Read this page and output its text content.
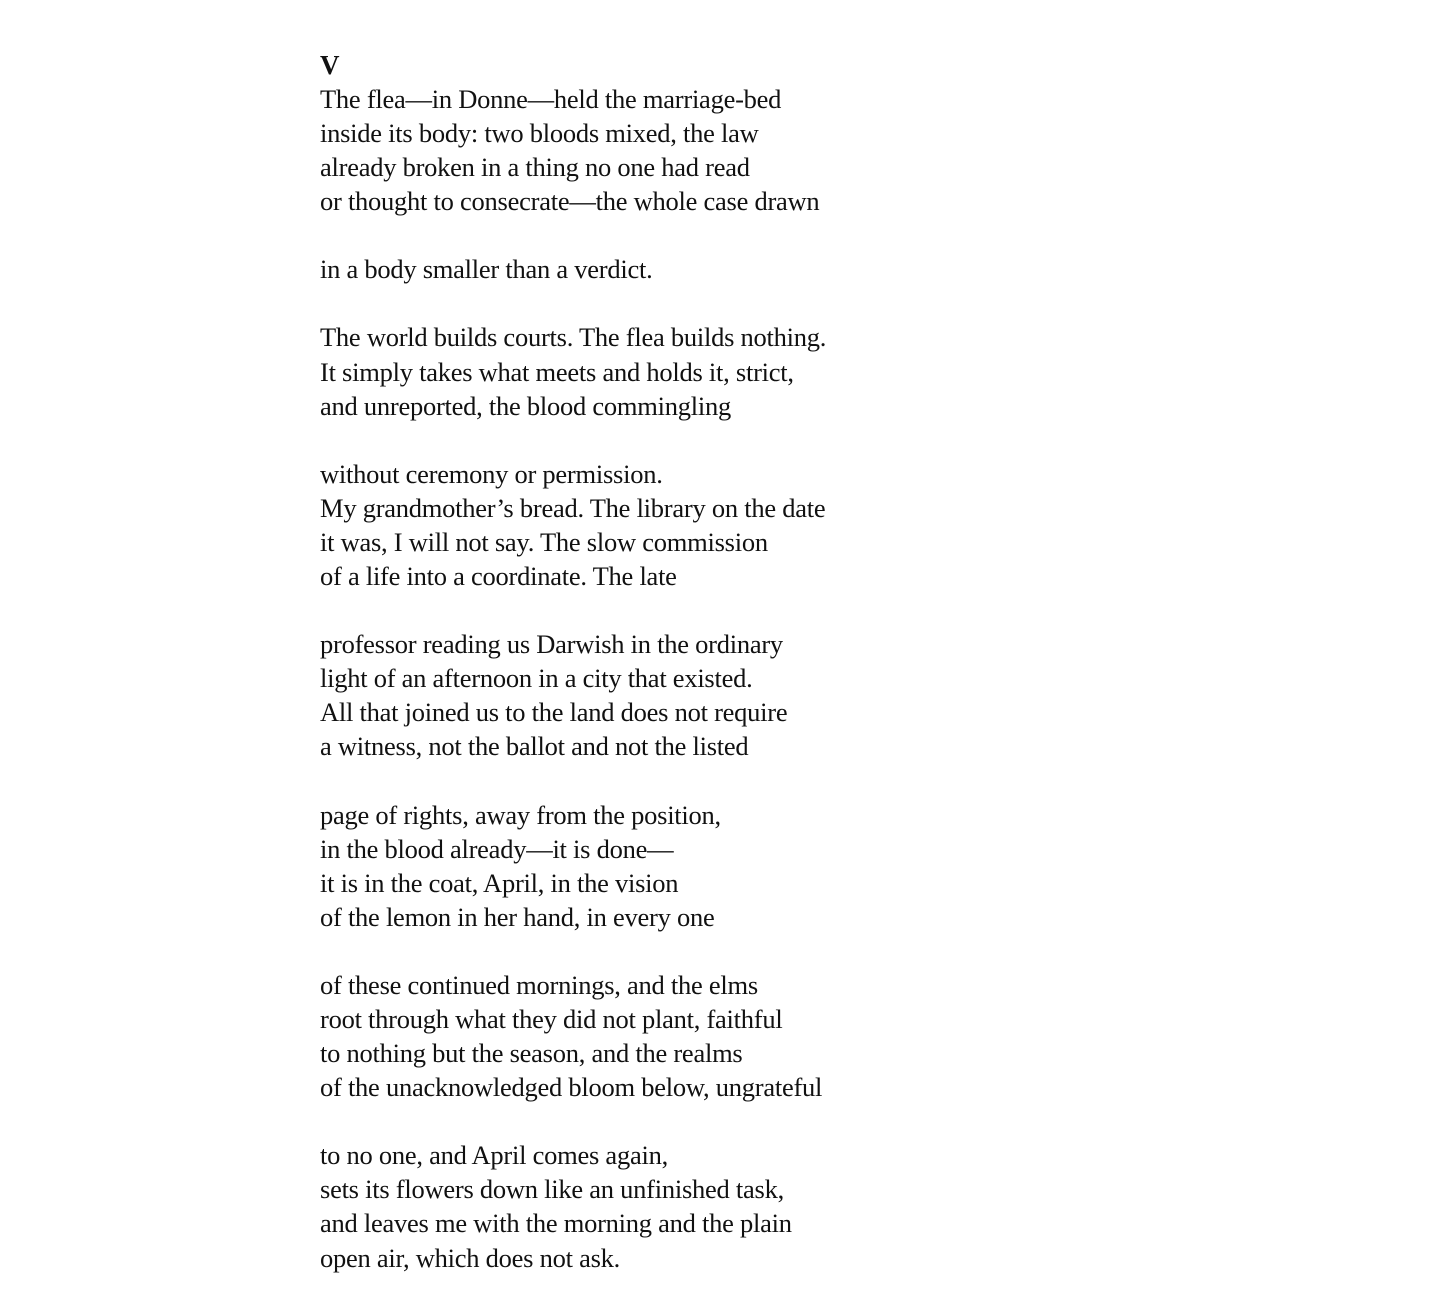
V
The flea—in Donne—held the marriage-bed
inside its body: two bloods mixed, the law
already broken in a thing no one had read
or thought to consecrate—the whole case drawn
in a body smaller than a verdict.
The world builds courts. The flea builds nothing.
It simply takes what meets and holds it, strict,
and unreported, the blood commingling
without ceremony or permission.
My grandmother’s bread. The library on the date
it was, I will not say. The slow commission
of a life into a coordinate. The late
professor reading us Darwish in the ordinary
light of an afternoon in a city that existed.
All that joined us to the land does not require
a witness, not the ballot and not the listed
page of rights, away from the position,
in the blood already—it is done—
it is in the coat, April, in the vision
of the lemon in her hand, in every one
of these continued mornings, and the elms
root through what they did not plant, faithful
to nothing but the season, and the realms
of the unacknowledged bloom below, ungrateful
to no one, and April comes again,
sets its flowers down like an unfinished task,
and leaves me with the morning and the plain
open air, which does not ask.
